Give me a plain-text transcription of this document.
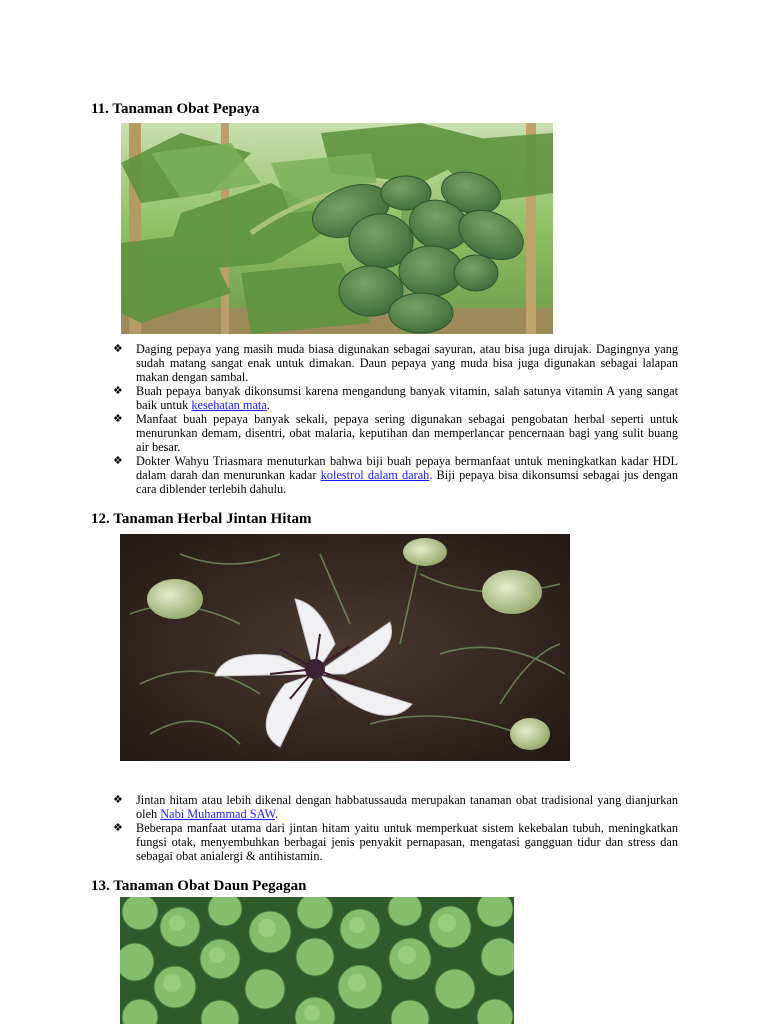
11. Tanaman Obat Pepaya
❖ Daging pepaya yang masih muda biasa digunakan sebagai sayuran, atau bisa juga dirujak. Dagingnya yang sudah matang sangat enak untuk dimakan. Daun pepaya yang muda bisa juga digunakan sebagai lalapan makan dengan sambal.
❖ Buah pepaya banyak dikonsumsi karena mengandung banyak vitamin, salah satunya vitamin A yang sangat baik untuk kesehatan mata.
❖ Manfaat buah pepaya banyak sekali, pepaya sering digunakan sebagai pengobatan herbal seperti untuk menurunkan demam, disentri, obat malaria, keputihan dan memperlancar pencernaan bagi yang sulit buang air besar.
❖ Dokter Wahyu Triasmara menuturkan bahwa biji buah pepaya bermanfaat untuk meningkatkan kadar HDL dalam darah dan menurunkan kadar kolestrol dalam darah. Biji pepaya bisa dikonsumsi sebagai jus dengan cara diblender terlebih dahulu.
12. Tanaman Herbal Jintan Hitam
❖ Jintan hitam atau lebih dikenal dengan habbatussauda merupakan tanaman obat tradisional yang dianjurkan oleh Nabi Muhammad SAW.
❖ Beberapa manfaat utama dari jintan hitam yaitu untuk memperkuat sistem kekebalan tubuh, meningkatkan fungsi otak, menyembuhkan berbagai jenis penyakit pernapasan, mengatasi gangguan tidur dan stress dan sebagai obat anialergi & antihistamin.
13. Tanaman Obat Daun Pegagan
